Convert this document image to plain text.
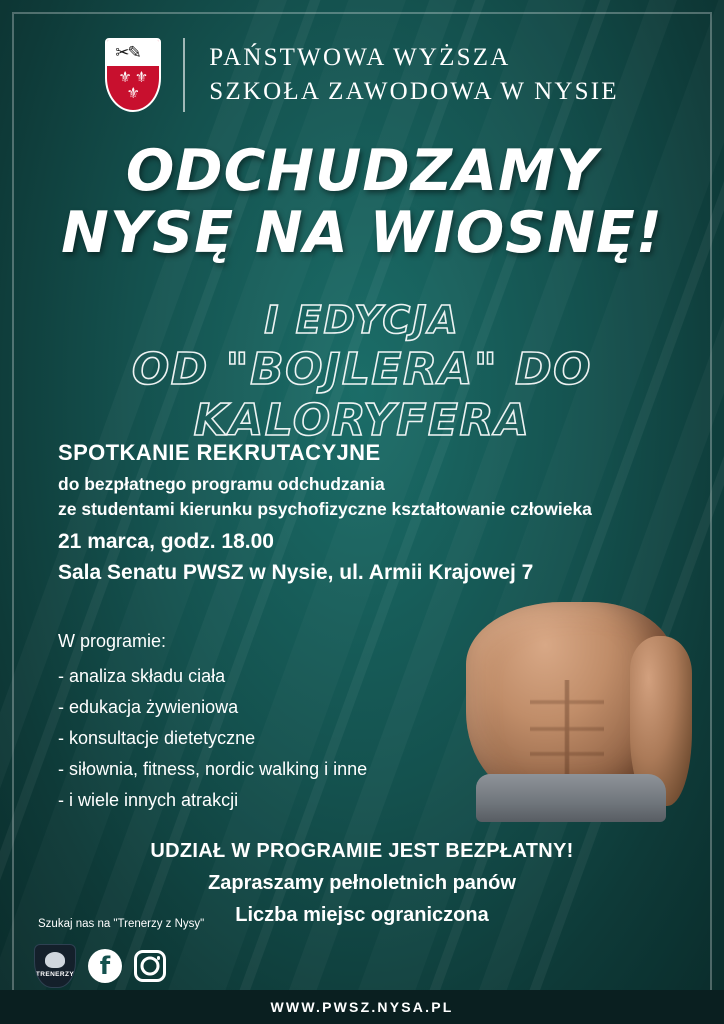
✂✎
⚜ ⚜
⚜
PAŃSTWOWA WYŻSZA
SZKOŁA ZAWODOWA W NYSIE
ODCHUDZAMY
NYSĘ NA WIOSNĘ!
I EDYCJA
OD "BOJLERA" DO KALORYFERA
SPOTKANIE REKRUTACYJNE
do bezpłatnego programu odchudzania
ze studentami kierunku psychofizyczne kształtowanie człowieka
21 marca, godz. 18.00
Sala Senatu PWSZ w Nysie, ul. Armii Krajowej 7
W programie:
- analiza składu ciała
- edukacja żywieniowa
- konsultacje dietetyczne
- siłownia, fitness, nordic walking i inne
- i wiele innych atrakcji
UDZIAŁ W PROGRAMIE JEST BEZPŁATNY!
Zapraszamy pełnoletnich panów
Liczba miejsc ograniczona
Szukaj nas na "Trenerzy z Nysy"
TRENERZY	f
WWW.PWSZ.NYSA.PL
